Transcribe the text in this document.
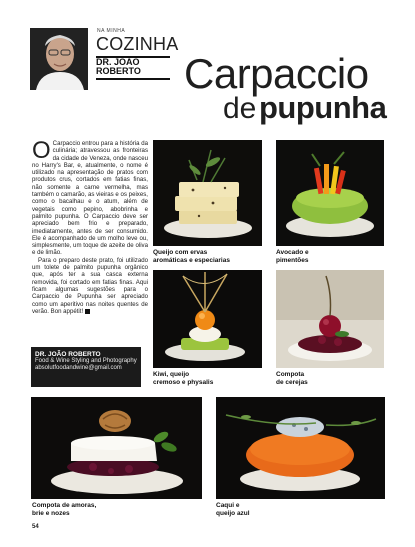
NA MINHA
COZINHA
DR. JOÃO
ROBERTO Carpaccio
de pupunha

O Carpaccio entrou para a história da culinária; atravessou as fronteiras da cidade de Veneza, onde nasceu no Harry's Bar, e, atualmente, o nome é utilizado na apresentação de pratos com produtos crus, cortados em fatias finas, não somente a carne vermelha, mas também o camarão, as vieiras e os peixes, como o bacalhau e o atum, além de vegetais como pepino, abobrinha e palmito pupunha. O Carpaccio deve ser apreciado bem frio e preparado, imediatamente, antes de ser consumido. Ele é acompanhado de um molho leve ou, simplesmente, um toque de azeite de oliva e de limão.

Para o preparo deste prato, foi utilizado um tolete de palmito pupunha orgânico que, após ter a sua casca externa removida, foi cortado em fatias finas. Aqui ficam algumas sugestões para o Carpaccio de Pupunha ser apreciado como um aperitivo nas noites quentes de verão. Bon appétit!

DR. JOÃO ROBERTO
Food & Wine Styling and Photography
absolutfoodandwine@gmail.com
Queijo com ervas
aromáticas e especiarias
Avocado e
pimentões
Kiwi, queijo
cremoso e physalis
Compota
de cerejas
Compota de amoras,
brie e nozes
Caqui e
queijo azul
54
